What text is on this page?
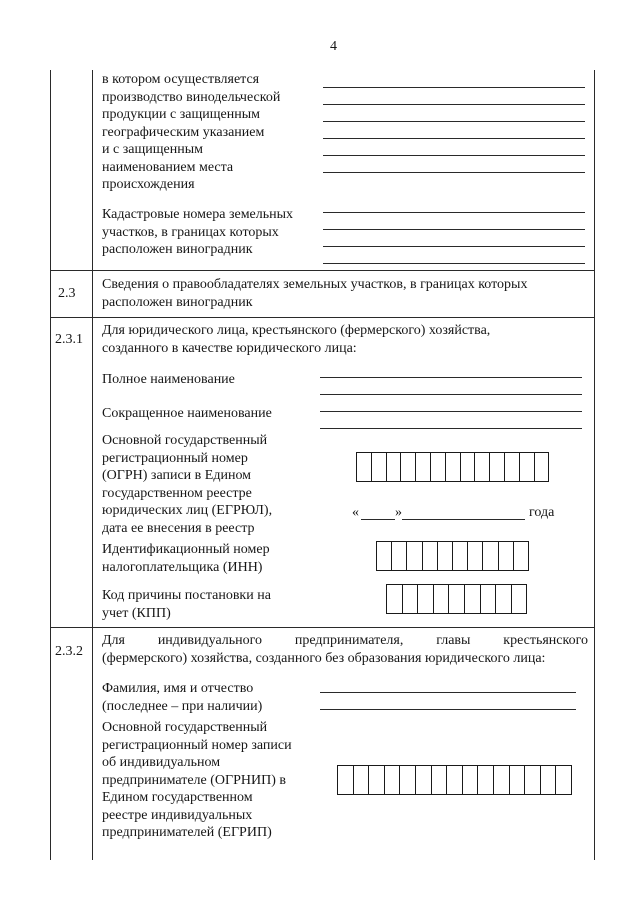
4
в котором осуществляется
производство винодельческой
продукции с защищенным
географическим указанием
и с защищенным
наименованием места
происхождения
Кадастровые номера земельных
участков, в границах которых
расположен виноградник
2.3
Сведения о правообладателях земельных участков, в границах которых
расположен виноградник
2.3.1
Для юридического лица, крестьянского (фермерского) хозяйства,
созданного в качестве юридического лица:
Полное наименование
Сокращенное наименование
Основной государственный
регистрационный номер
(ОГРН) записи в Едином
государственном реестре
юридических лиц (ЕГРЮЛ),
дата ее внесения в реестр
«	»	года
Идентификационный номер
налогоплательщика (ИНН)
Код причины постановки на
учет (КПП)
2.3.2
Для индивидуального предпринимателя, главы крестьянского
(фермерского) хозяйства, созданного без образования юридического лица:
Фамилия, имя и отчество
(последнее – при наличии)
Основной государственный
регистрационный номер записи
об индивидуальном
предпринимателе (ОГРНИП) в
Едином государственном
реестре индивидуальных
предпринимателей (ЕГРИП)
